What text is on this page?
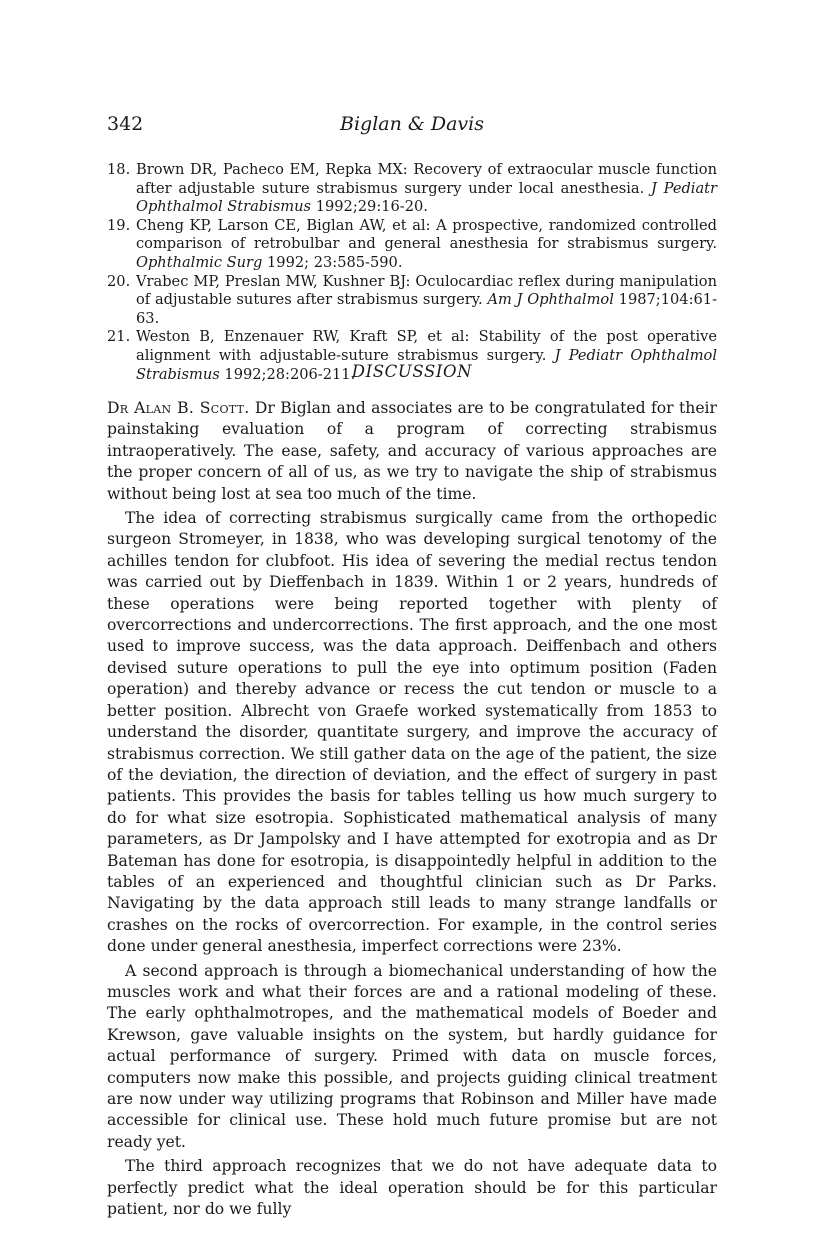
342	Biglan & Davis
18. Brown DR, Pacheco EM, Repka MX: Recovery of extraocular muscle function after adjustable suture strabismus surgery under local anesthesia. J Pediatr Ophthalmol Strabismus 1992;29:16-20.
19. Cheng KP, Larson CE, Biglan AW, et al: A prospective, randomized controlled comparison of retrobulbar and general anesthesia for strabismus surgery. Ophthalmic Surg 1992; 23:585-590.
20. Vrabec MP, Preslan MW, Kushner BJ: Oculocardiac reflex during manipulation of adjustable sutures after strabismus surgery. Am J Ophthalmol 1987;104:61-63.
21. Weston B, Enzenauer RW, Kraft SP, et al: Stability of the post operative alignment with adjustable-suture strabismus surgery. J Pediatr Ophthalmol Strabismus 1992;28:206-211.
DISCUSSION

Dr Alan B. Scott. Dr Biglan and associates are to be congratulated for their painstaking evaluation of a program of correcting strabismus intraoperatively. The ease, safety, and accuracy of various approaches are the proper concern of all of us, as we try to navigate the ship of strabismus without being lost at sea too much of the time.

The idea of correcting strabismus surgically came from the orthopedic surgeon Stromeyer, in 1838, who was developing surgical tenotomy of the achilles tendon for clubfoot. His idea of severing the medial rectus tendon was carried out by Dieffenbach in 1839. Within 1 or 2 years, hundreds of these operations were being reported together with plenty of overcorrections and undercorrections. The first approach, and the one most used to improve success, was the data approach. Deiffenbach and others devised suture operations to pull the eye into optimum position (Faden operation) and thereby advance or recess the cut tendon or muscle to a better position. Albrecht von Graefe worked systematically from 1853 to understand the disorder, quantitate surgery, and improve the accuracy of strabismus correction. We still gather data on the age of the patient, the size of the deviation, the direction of deviation, and the effect of surgery in past patients. This provides the basis for tables telling us how much surgery to do for what size esotropia. Sophisticated mathematical analysis of many parameters, as Dr Jampolsky and I have attempted for exotropia and as Dr Bateman has done for esotropia, is disappointedly helpful in addition to the tables of an experienced and thoughtful clinician such as Dr Parks. Navigating by the data approach still leads to many strange landfalls or crashes on the rocks of overcorrection. For example, in the control series done under general anesthesia, imperfect corrections were 23%.

A second approach is through a biomechanical understanding of how the muscles work and what their forces are and a rational modeling of these. The early ophthalmotropes, and the mathematical models of Boeder and Krewson, gave valuable insights on the system, but hardly guidance for actual performance of surgery. Primed with data on muscle forces, computers now make this possible, and projects guiding clinical treatment are now under way utilizing programs that Robinson and Miller have made accessible for clinical use. These hold much future promise but are not ready yet.

The third approach recognizes that we do not have adequate data to perfectly predict what the ideal operation should be for this particular patient, nor do we fully
